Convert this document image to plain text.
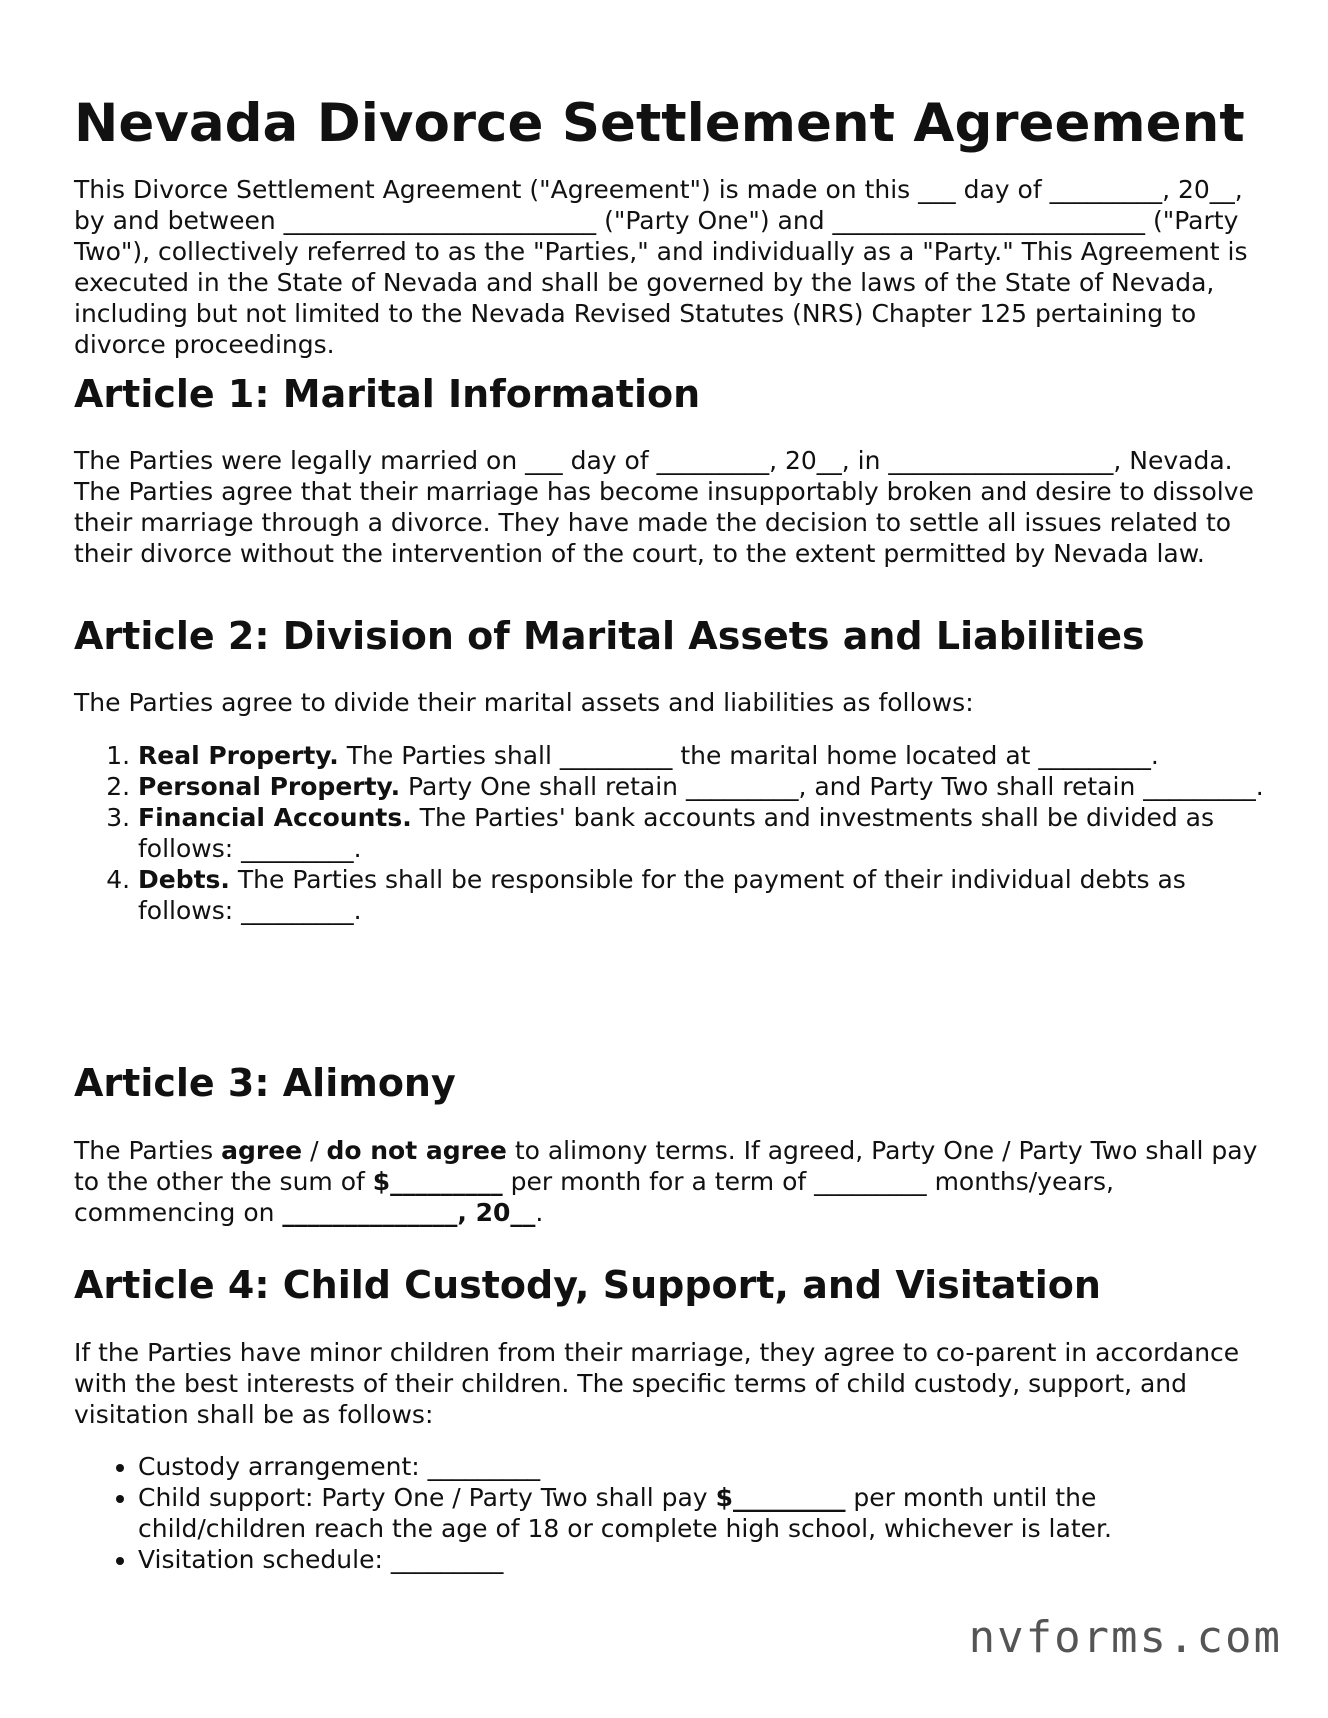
Nevada Divorce Settlement Agreement

This Divorce Settlement Agreement ("Agreement") is made on this ___ day of _________, 20__, by and between _________________________ ("Party One") and _________________________ ("Party Two"), collectively referred to as the "Parties," and individually as a "Party." This Agreement is executed in the State of Nevada and shall be governed by the laws of the State of Nevada, including but not limited to the Nevada Revised Statutes (NRS) Chapter 125 pertaining to divorce proceedings.

Article 1: Marital Information

The Parties were legally married on ___ day of _________, 20__, in __________________, Nevada. The Parties agree that their marriage has become insupportably broken and desire to dissolve their marriage through a divorce. They have made the decision to settle all issues related to their divorce without the intervention of the court, to the extent permitted by Nevada law.

Article 2: Division of Marital Assets and Liabilities

The Parties agree to divide their marital assets and liabilities as follows:

1. Real Property. The Parties shall _________ the marital home located at _________.
2. Personal Property. Party One shall retain _________, and Party Two shall retain _________.
3. Financial Accounts. The Parties' bank accounts and investments shall be divided as follows: _________.
4. Debts. The Parties shall be responsible for the payment of their individual debts as follows: _________.
Article 3: Alimony

The Parties agree / do not agree to alimony terms. If agreed, Party One / Party Two shall pay to the other the sum of $_________ per month for a term of _________ months/years, commencing on ______________, 20__.

Article 4: Child Custody, Support, and Visitation

If the Parties have minor children from their marriage, they agree to co-parent in accordance with the best interests of their children. The specific terms of child custody, support, and visitation shall be as follows:

• Custody arrangement: _________
• Child support: Party One / Party Two shall pay $_________ per month until the child/children reach the age of 18 or complete high school, whichever is later.
• Visitation schedule: _________
nvforms.com
